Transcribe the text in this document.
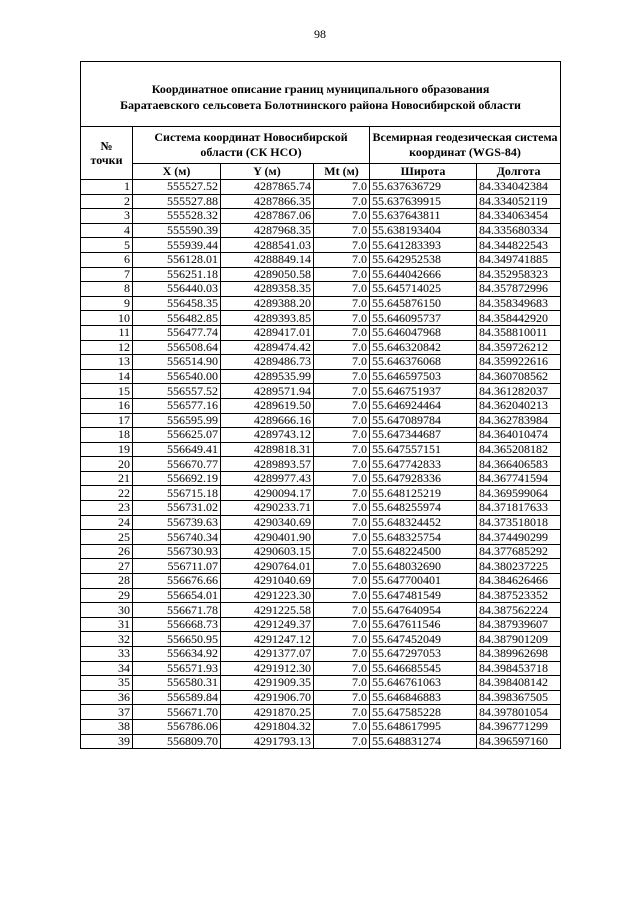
98
Координатное описание границ муниципального образования
Баратаевского сельсовета Болотнинского района Новосибирской области					

№
точки	Система координат Новосибирской области (СК НСО)			Всемирная геодезическая система координат (WGS-84)	
	X (м)	Y (м)	Mt (м)	Широта	Долгота
1	555527.52	4287865.74	7.0	55.637636729	84.334042384
2	555527.88	4287866.35	7.0	55.637639915	84.334052119
3	555528.32	4287867.06	7.0	55.637643811	84.334063454
4	555590.39	4287968.35	7.0	55.638193404	84.335680334
5	555939.44	4288541.03	7.0	55.641283393	84.344822543
6	556128.01	4288849.14	7.0	55.642952538	84.349741885
7	556251.18	4289050.58	7.0	55.644042666	84.352958323
8	556440.03	4289358.35	7.0	55.645714025	84.357872996
9	556458.35	4289388.20	7.0	55.645876150	84.358349683
10	556482.85	4289393.85	7.0	55.646095737	84.358442920
11	556477.74	4289417.01	7.0	55.646047968	84.358810011
12	556508.64	4289474.42	7.0	55.646320842	84.359726212
13	556514.90	4289486.73	7.0	55.646376068	84.359922616
14	556540.00	4289535.99	7.0	55.646597503	84.360708562
15	556557.52	4289571.94	7.0	55.646751937	84.361282037
16	556577.16	4289619.50	7.0	55.646924464	84.362040213
17	556595.99	4289666.16	7.0	55.647089784	84.362783984
18	556625.07	4289743.12	7.0	55.647344687	84.364010474
19	556649.41	4289818.31	7.0	55.647557151	84.365208182
20	556670.77	4289893.57	7.0	55.647742833	84.366406583
21	556692.19	4289977.43	7.0	55.647928336	84.367741594
22	556715.18	4290094.17	7.0	55.648125219	84.369599064
23	556731.02	4290233.71	7.0	55.648255974	84.371817633
24	556739.63	4290340.69	7.0	55.648324452	84.373518018
25	556740.34	4290401.90	7.0	55.648325754	84.374490299
26	556730.93	4290603.15	7.0	55.648224500	84.377685292
27	556711.07	4290764.01	7.0	55.648032690	84.380237225
28	556676.66	4291040.69	7.0	55.647700401	84.384626466
29	556654.01	4291223.30	7.0	55.647481549	84.387523352
30	556671.78	4291225.58	7.0	55.647640954	84.387562224
31	556668.73	4291249.37	7.0	55.647611546	84.387939607
32	556650.95	4291247.12	7.0	55.647452049	84.387901209
33	556634.92	4291377.07	7.0	55.647297053	84.389962698
34	556571.93	4291912.30	7.0	55.646685545	84.398453718
35	556580.31	4291909.35	7.0	55.646761063	84.398408142
36	556589.84	4291906.70	7.0	55.646846883	84.398367505
37	556671.70	4291870.25	7.0	55.647585228	84.397801054
38	556786.06	4291804.32	7.0	55.648617995	84.396771299
39	556809.70	4291793.13	7.0	55.648831274	84.396597160
